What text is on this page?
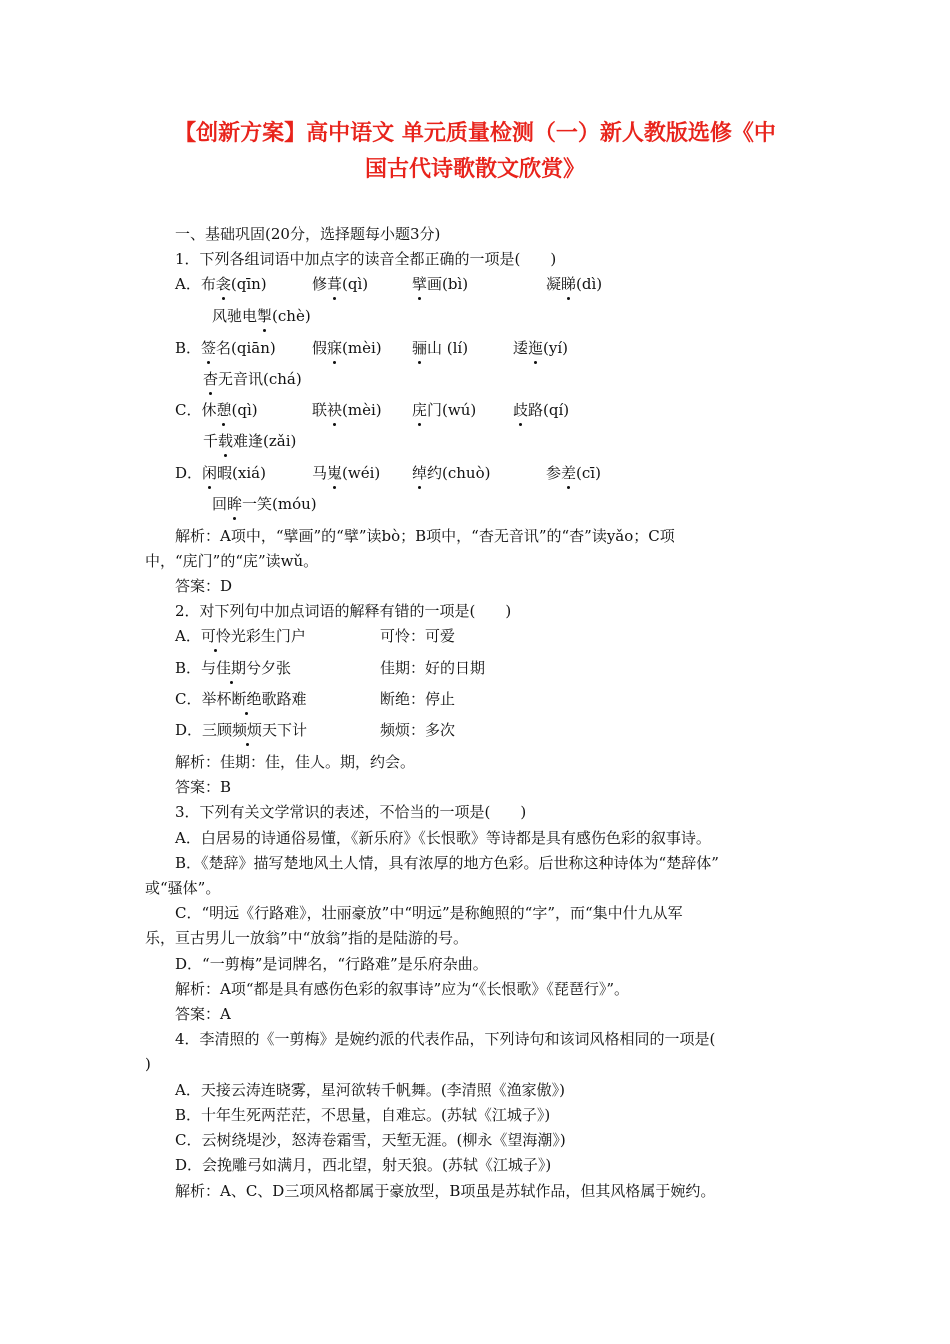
【创新方案】高中语文 单元质量检测（一）新人教版选修《中
国古代诗歌散文欣赏》
一、基础巩固(20分，选择题每小题3分)
1．下列各组词语中加点字的读音全都正确的一项是(　　)
A．布衾(qīn)	修葺(qì)	擘画(bì)	凝睇(dì)
风驰电掣(chè)
B．签名(qiān) 假寐(mèi) 骊山 (lí)	逶迤(yí)
杳无音讯(chá)
C．休憩(qì)	联袂(mèi) 庑门(wú) 歧路(qí)
千载难逢(zǎi)
D．闲暇(xiá)	马嵬(wéi) 绰约(chuò)	参差(cī)
回眸一笑(móu)
解析：A项中，“擘画”的“擘”读bò；B项中，“杳无音讯”的“杳”读yǎo；C项
中，“庑门”的“庑”读wǔ。
答案：D
2．对下列句中加点词语的解释有错的一项是(　　)
A．可怜光彩生门户	可怜：可爱
B．与佳期兮夕张	佳期：好的日期
C．举杯断绝歌路难	断绝：停止
D．三顾频烦天下计	频烦：多次
解析：佳期：佳，佳人。期，约会。
答案：B
3．下列有关文学常识的表述，不恰当的一项是(　　)
A．白居易的诗通俗易懂，《新乐府》《长恨歌》等诗都是具有感伤色彩的叙事诗。
B．《楚辞》描写楚地风土人情，具有浓厚的地方色彩。后世称这种诗体为“楚辞体”
或“骚体”。
C．“明远《行路难》，壮丽豪放”中“明远”是称鲍照的“字”，而“集中什九从军
乐，亘古男儿一放翁”中“放翁”指的是陆游的号。
D．“一剪梅”是词牌名，“行路难”是乐府杂曲。
解析：A项“都是具有感伤色彩的叙事诗”应为“《长恨歌》《琵琶行》”。
答案：A
4．李清照的《一剪梅》是婉约派的代表作品，下列诗句和该词风格相同的一项是(
)
A．天接云涛连晓雾，星河欲转千帆舞。(李清照《渔家傲》)
B．十年生死两茫茫，不思量，自难忘。(苏轼《江城子》)
C．云树绕堤沙，怒涛卷霜雪，天堑无涯。(柳永《望海潮》)
D．会挽雕弓如满月，西北望，射天狼。(苏轼《江城子》)
解析：A、C、D三项风格都属于豪放型，B项虽是苏轼作品，但其风格属于婉约。
